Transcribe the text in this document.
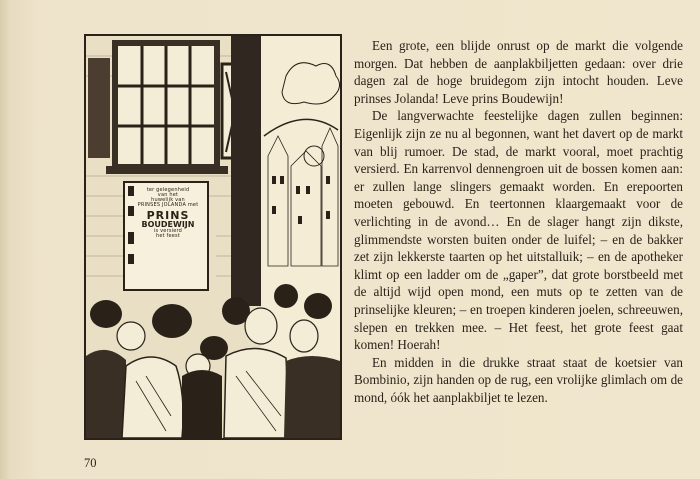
ter gelegenheid
van het
huwelijk van
PRINSES JOLANDA met
PRINS
BOUDEWIJN
is versierd
het feest

Een grote, een blijde onrust op de markt die volgende morgen. Dat hebben de aanplakbiljetten gedaan: over drie dagen zal de hoge bruidegom zijn intocht houden. Leve prinses Jolanda! Leve prins Boudewijn!

De langverwachte feestelijke dagen zullen beginnen: Eigenlijk zijn ze nu al begonnen, want het davert op de markt van blij rumoer. De stad, de markt vooral, moet prachtig versierd. En karrenvol dennengroen uit de bossen komen aan: er zullen lange slingers gemaakt worden. En erepoorten moeten gebouwd. En teertonnen klaargemaakt voor de verlichting in de avond… En de slager hangt zijn dikste, glimmendste worsten buiten onder de luifel; – en de bakker zet zijn lekkerste taarten op het uitstalluik; – en de apotheker klimt op een ladder om de „gaper”, dat grote borstbeeld met de altijd wijd open mond, een muts op te zetten van de prinselijke kleuren; – en troepen kinderen joelen, schreeuwen, slepen en trekken mee. – Het feest, het grote feest gaat komen! Hoerah!

En midden in die drukke straat staat de koetsier van Bombinio, zijn handen op de rug, een vrolijke glimlach om de mond, óók het aanplakbiljet te lezen.

70
